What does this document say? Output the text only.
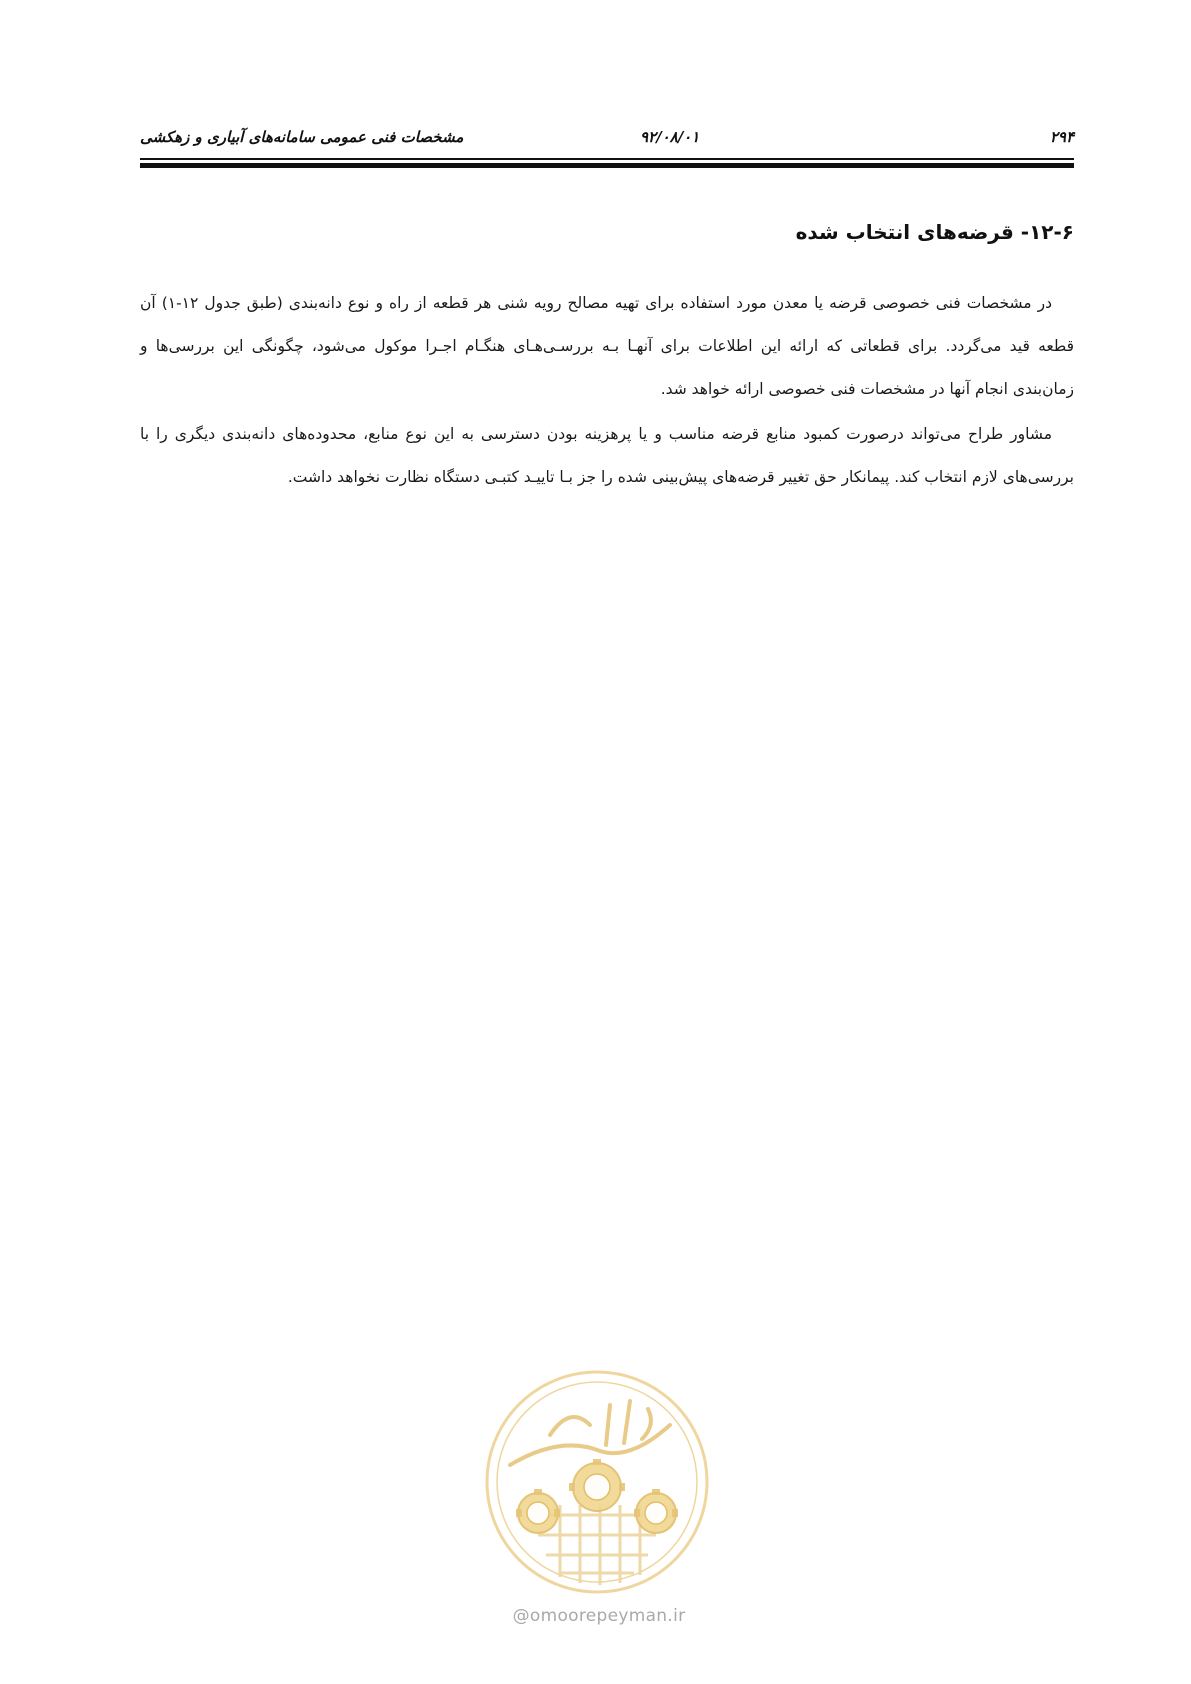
۲۹۴
۹۲/۰۸/۰۱
مشخصات فنی عمومی سامانه‌های آبیاری و زهکشی
۱۲-۶- قرضه‌های انتخاب شده

در مشخصات فنی خصوصی قرضه یا معدن مورد استفاده برای تهیه مصالح رویه شنی هر قطعه از راه و نوع دانه‌بندی (طبق جدول ۱۲-۱) آن قطعه قید می‌گردد. برای قطعاتی که ارائه این اطلاعات برای آنهـا بـه بررسـی‌هـای هنگـام اجـرا موکول می‌شود، چگونگی این بررسی‌ها و زمان‌بندی انجام آنها در مشخصات فنی خصوصی ارائه خواهد شد.

مشاور طراح می‌تواند درصورت کمبود منابع قرضه مناسب و یا پرهزینه بودن دسترسی به این نوع منابع، محدوده‌های دانه‌بندی دیگری را با بررسی‌های لازم انتخاب کند. پیمانکار حق تغییر قرضه‌های پیش‌بینی شده را جز بـا تاییـد کتبـی دستگاه نظارت نخواهد داشت.

@omoorepeyman.ir
